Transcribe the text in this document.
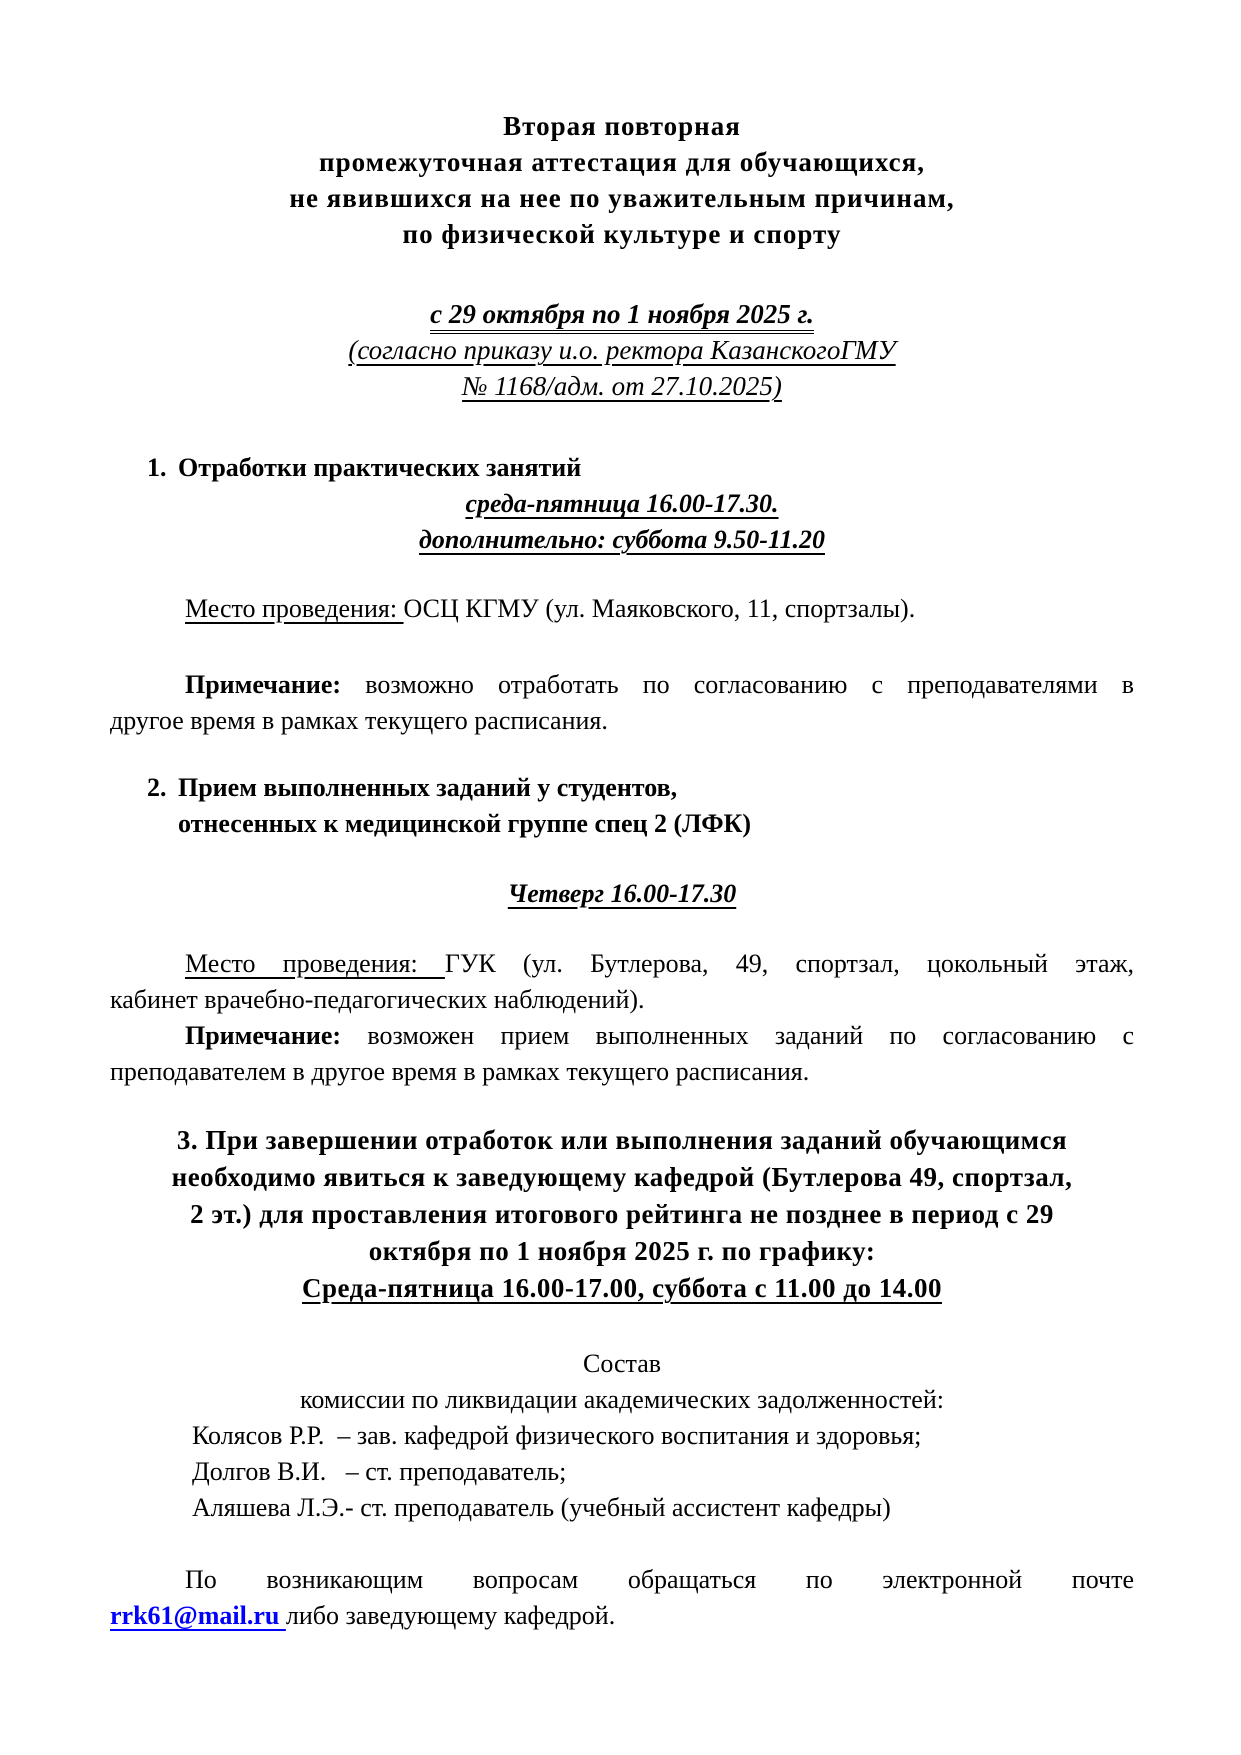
Вторая повторная
промежуточная аттестация для обучающихся,
не явившихся на нее по уважительным причинам,
по физической культуре и спорту
с 29 октября по 1 ноября 2025 г.
(согласно приказу и.о. ректора КазанскогоГМУ
№ 1168/адм. от 27.10.2025)
1. Отработки практических занятий
среда-пятница 16.00-17.30.
дополнительно: суббота 9.50-11.20
Место проведения: ОСЦ КГМУ (ул. Маяковского, 11, спортзалы).
Примечание: возможно отработать по согласованию с преподавателями в
другое время в рамках текущего расписания.
2. Прием выполненных заданий у студентов,
отнесенных к медицинской группе спец 2 (ЛФК)
Четверг 16.00-17.30
Место проведения: ГУК (ул. Бутлерова, 49, спортзал, цокольный этаж,
кабинет врачебно-педагогических наблюдений).
Примечание: возможен прием выполненных заданий по согласованию с
преподавателем в другое время в рамках текущего расписания.
3. При завершении отработок или выполнения заданий обучающимся
необходимо явиться к заведующему кафедрой (Бутлерова 49, спортзал,
2 эт.) для проставления итогового рейтинга не позднее в период с 29
октября по 1 ноября 2025 г. по графику:
Среда-пятница 16.00-17.00, суббота с 11.00 до 14.00
Состав
комиссии по ликвидации академических задолженностей:
Колясов Р.Р.  – зав. кафедрой физического воспитания и здоровья;
Долгов В.И.   – ст. преподаватель;
Аляшева Л.Э.- ст. преподаватель (учебный ассистент кафедры)
По возникающим вопросам обращаться по электронной почте
rrk61@mail.ru либо заведующему кафедрой.
